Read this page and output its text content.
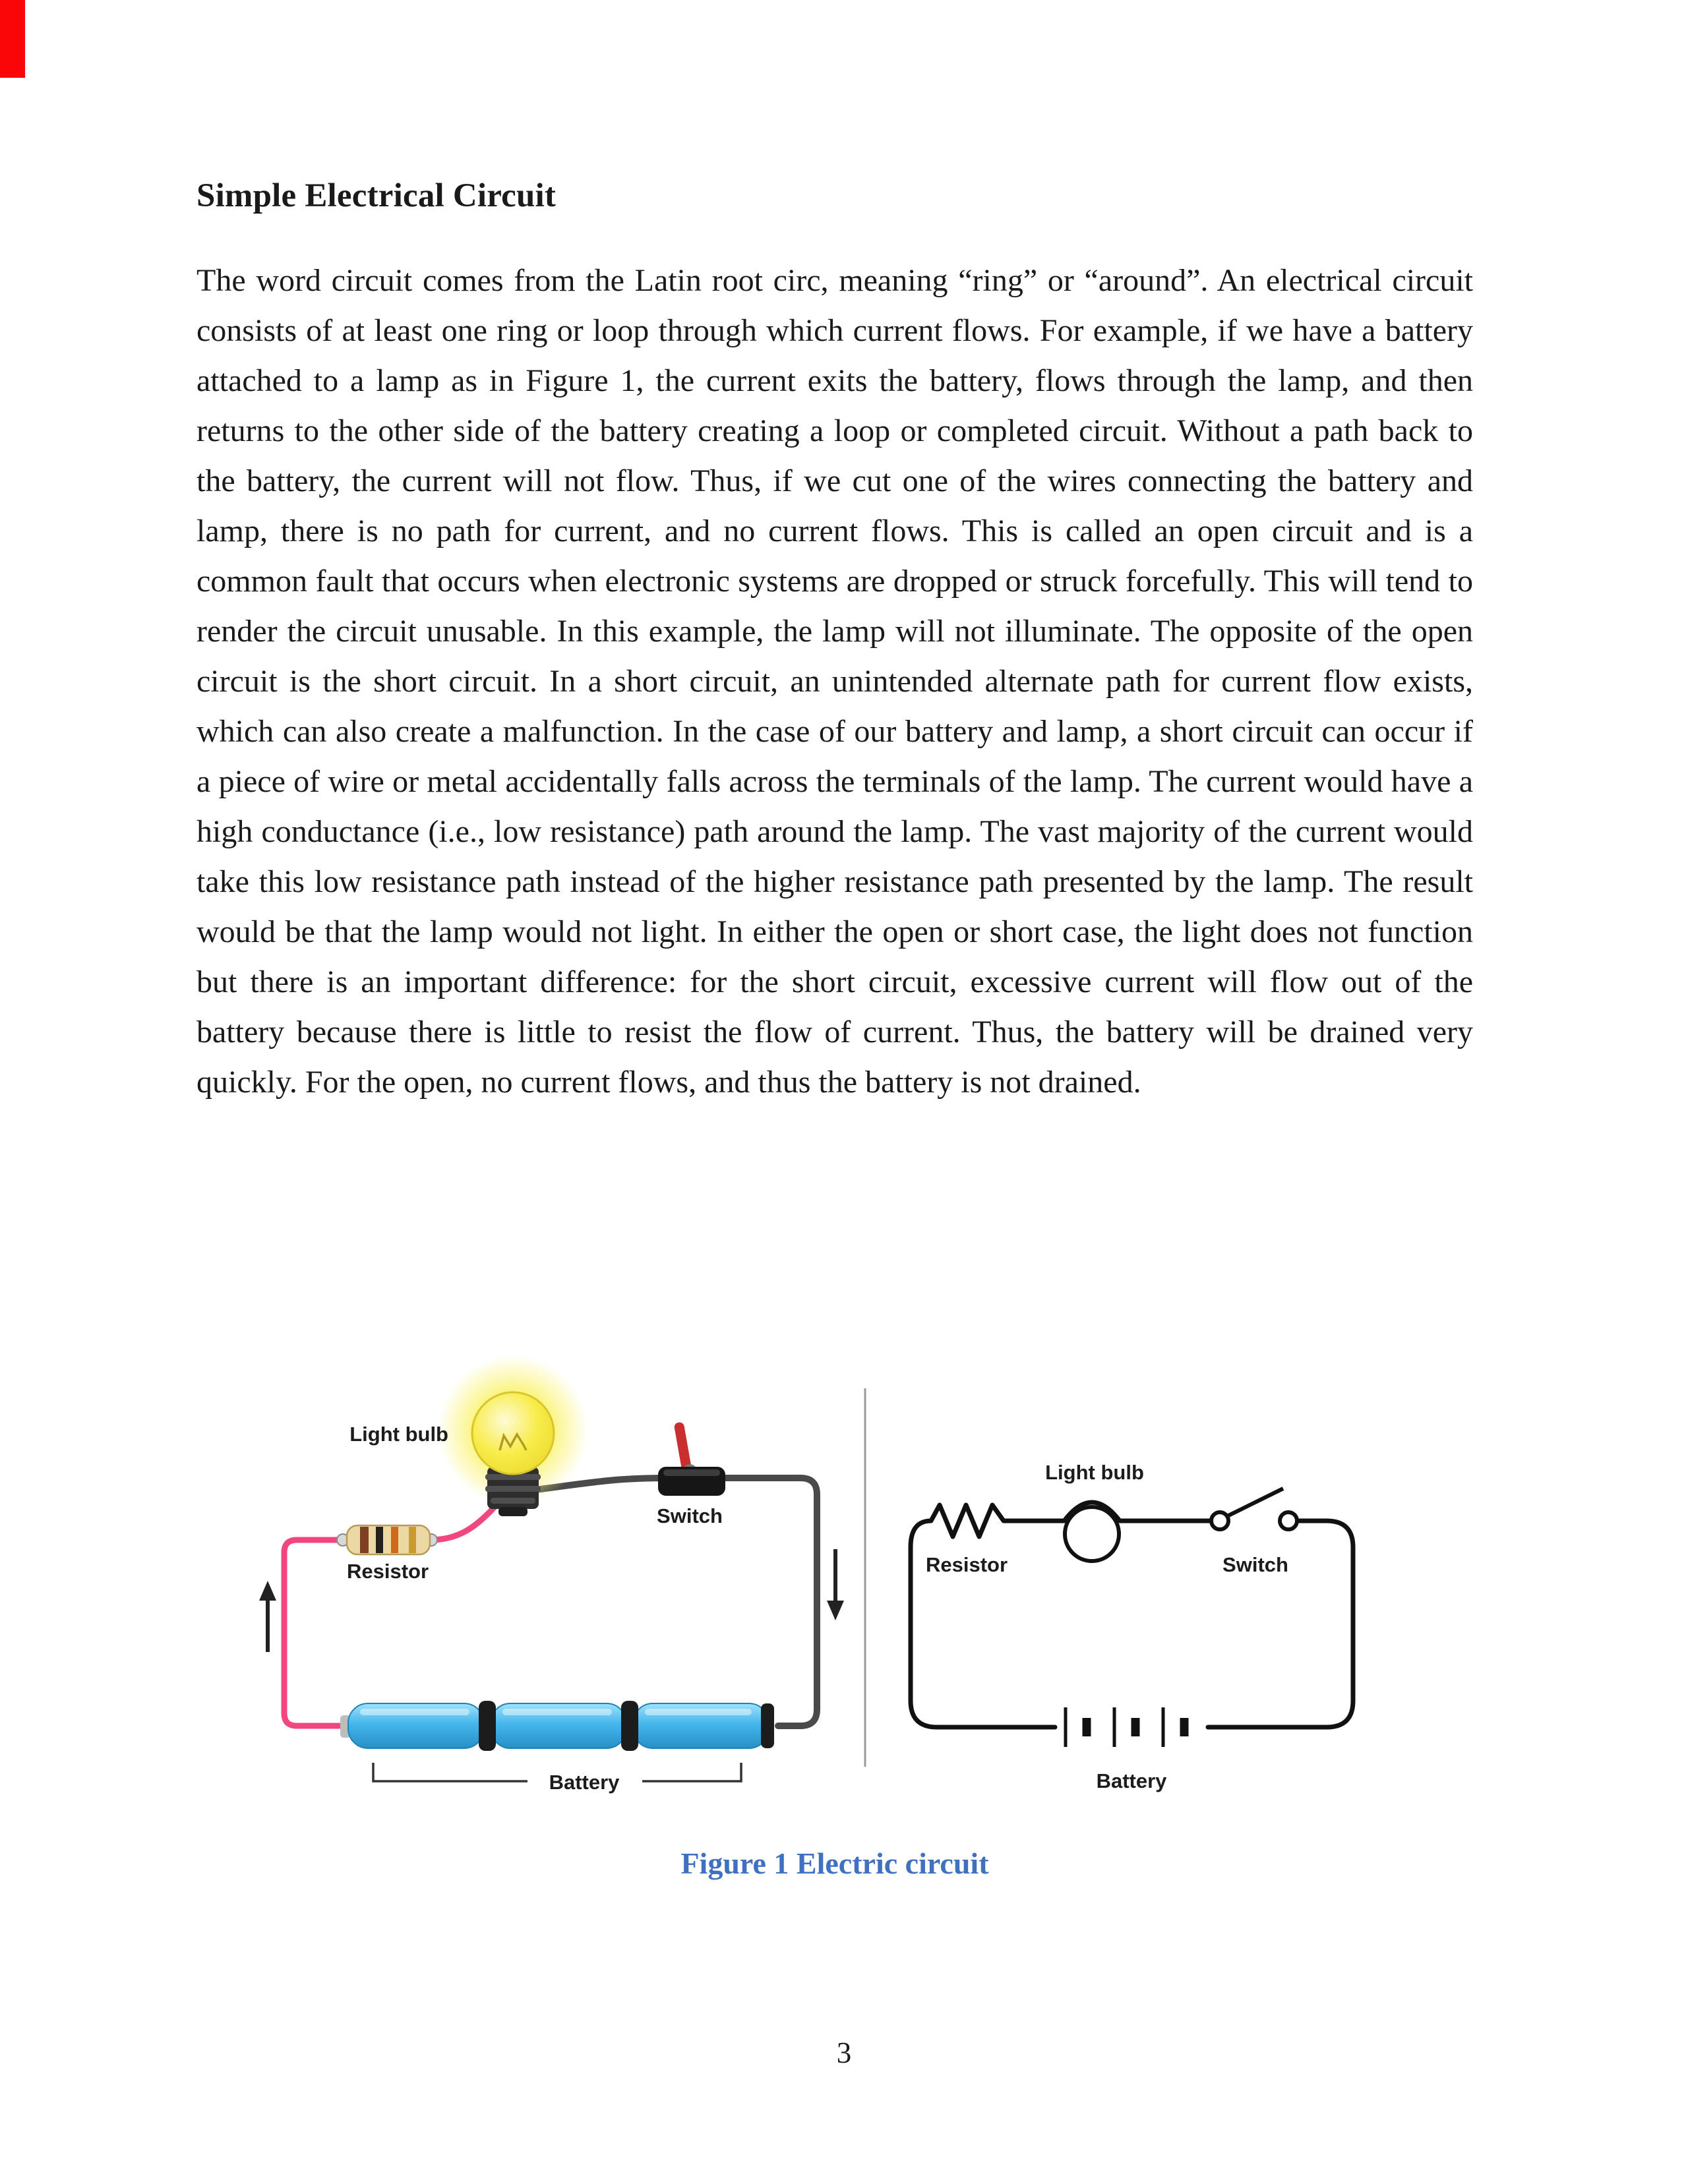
Simple Electrical Circuit

The word circuit comes from the Latin root circ, meaning “ring” or “around”. An electrical circuit consists of at least one ring or loop through which current flows. For example, if we have a battery attached to a lamp as in Figure 1, the current exits the battery, flows through the lamp, and then returns to the other side of the battery creating a loop or completed circuit. Without a path back to the battery, the current will not flow. Thus, if we cut one of the wires connecting the battery and lamp, there is no path for current, and no current flows. This is called an open circuit and is a common fault that occurs when electronic systems are dropped or struck forcefully. This will tend to render the circuit unusable. In this example, the lamp will not illuminate. The opposite of the open circuit is the short circuit. In a short circuit, an unintended alternate path for current flow exists, which can also create a malfunction. In the case of our battery and lamp, a short circuit can occur if a piece of wire or metal accidentally falls across the terminals of the lamp. The current would have a high conductance (i.e., low resistance) path around the lamp. The vast majority of the current would take this low resistance path instead of the higher resistance path presented by the lamp. The result would be that the lamp would not light. In either the open or short case, the light does not function but there is an important difference: for the short circuit, excessive current will flow out of the battery because there is little to resist the flow of current. Thus, the battery will be drained very quickly. For the open, no current flows, and thus the battery is not drained.

Light bulb
Switch
Resistor
Battery
Light bulb
Resistor	Switch
Battery

Figure 1 Electric circuit

3
